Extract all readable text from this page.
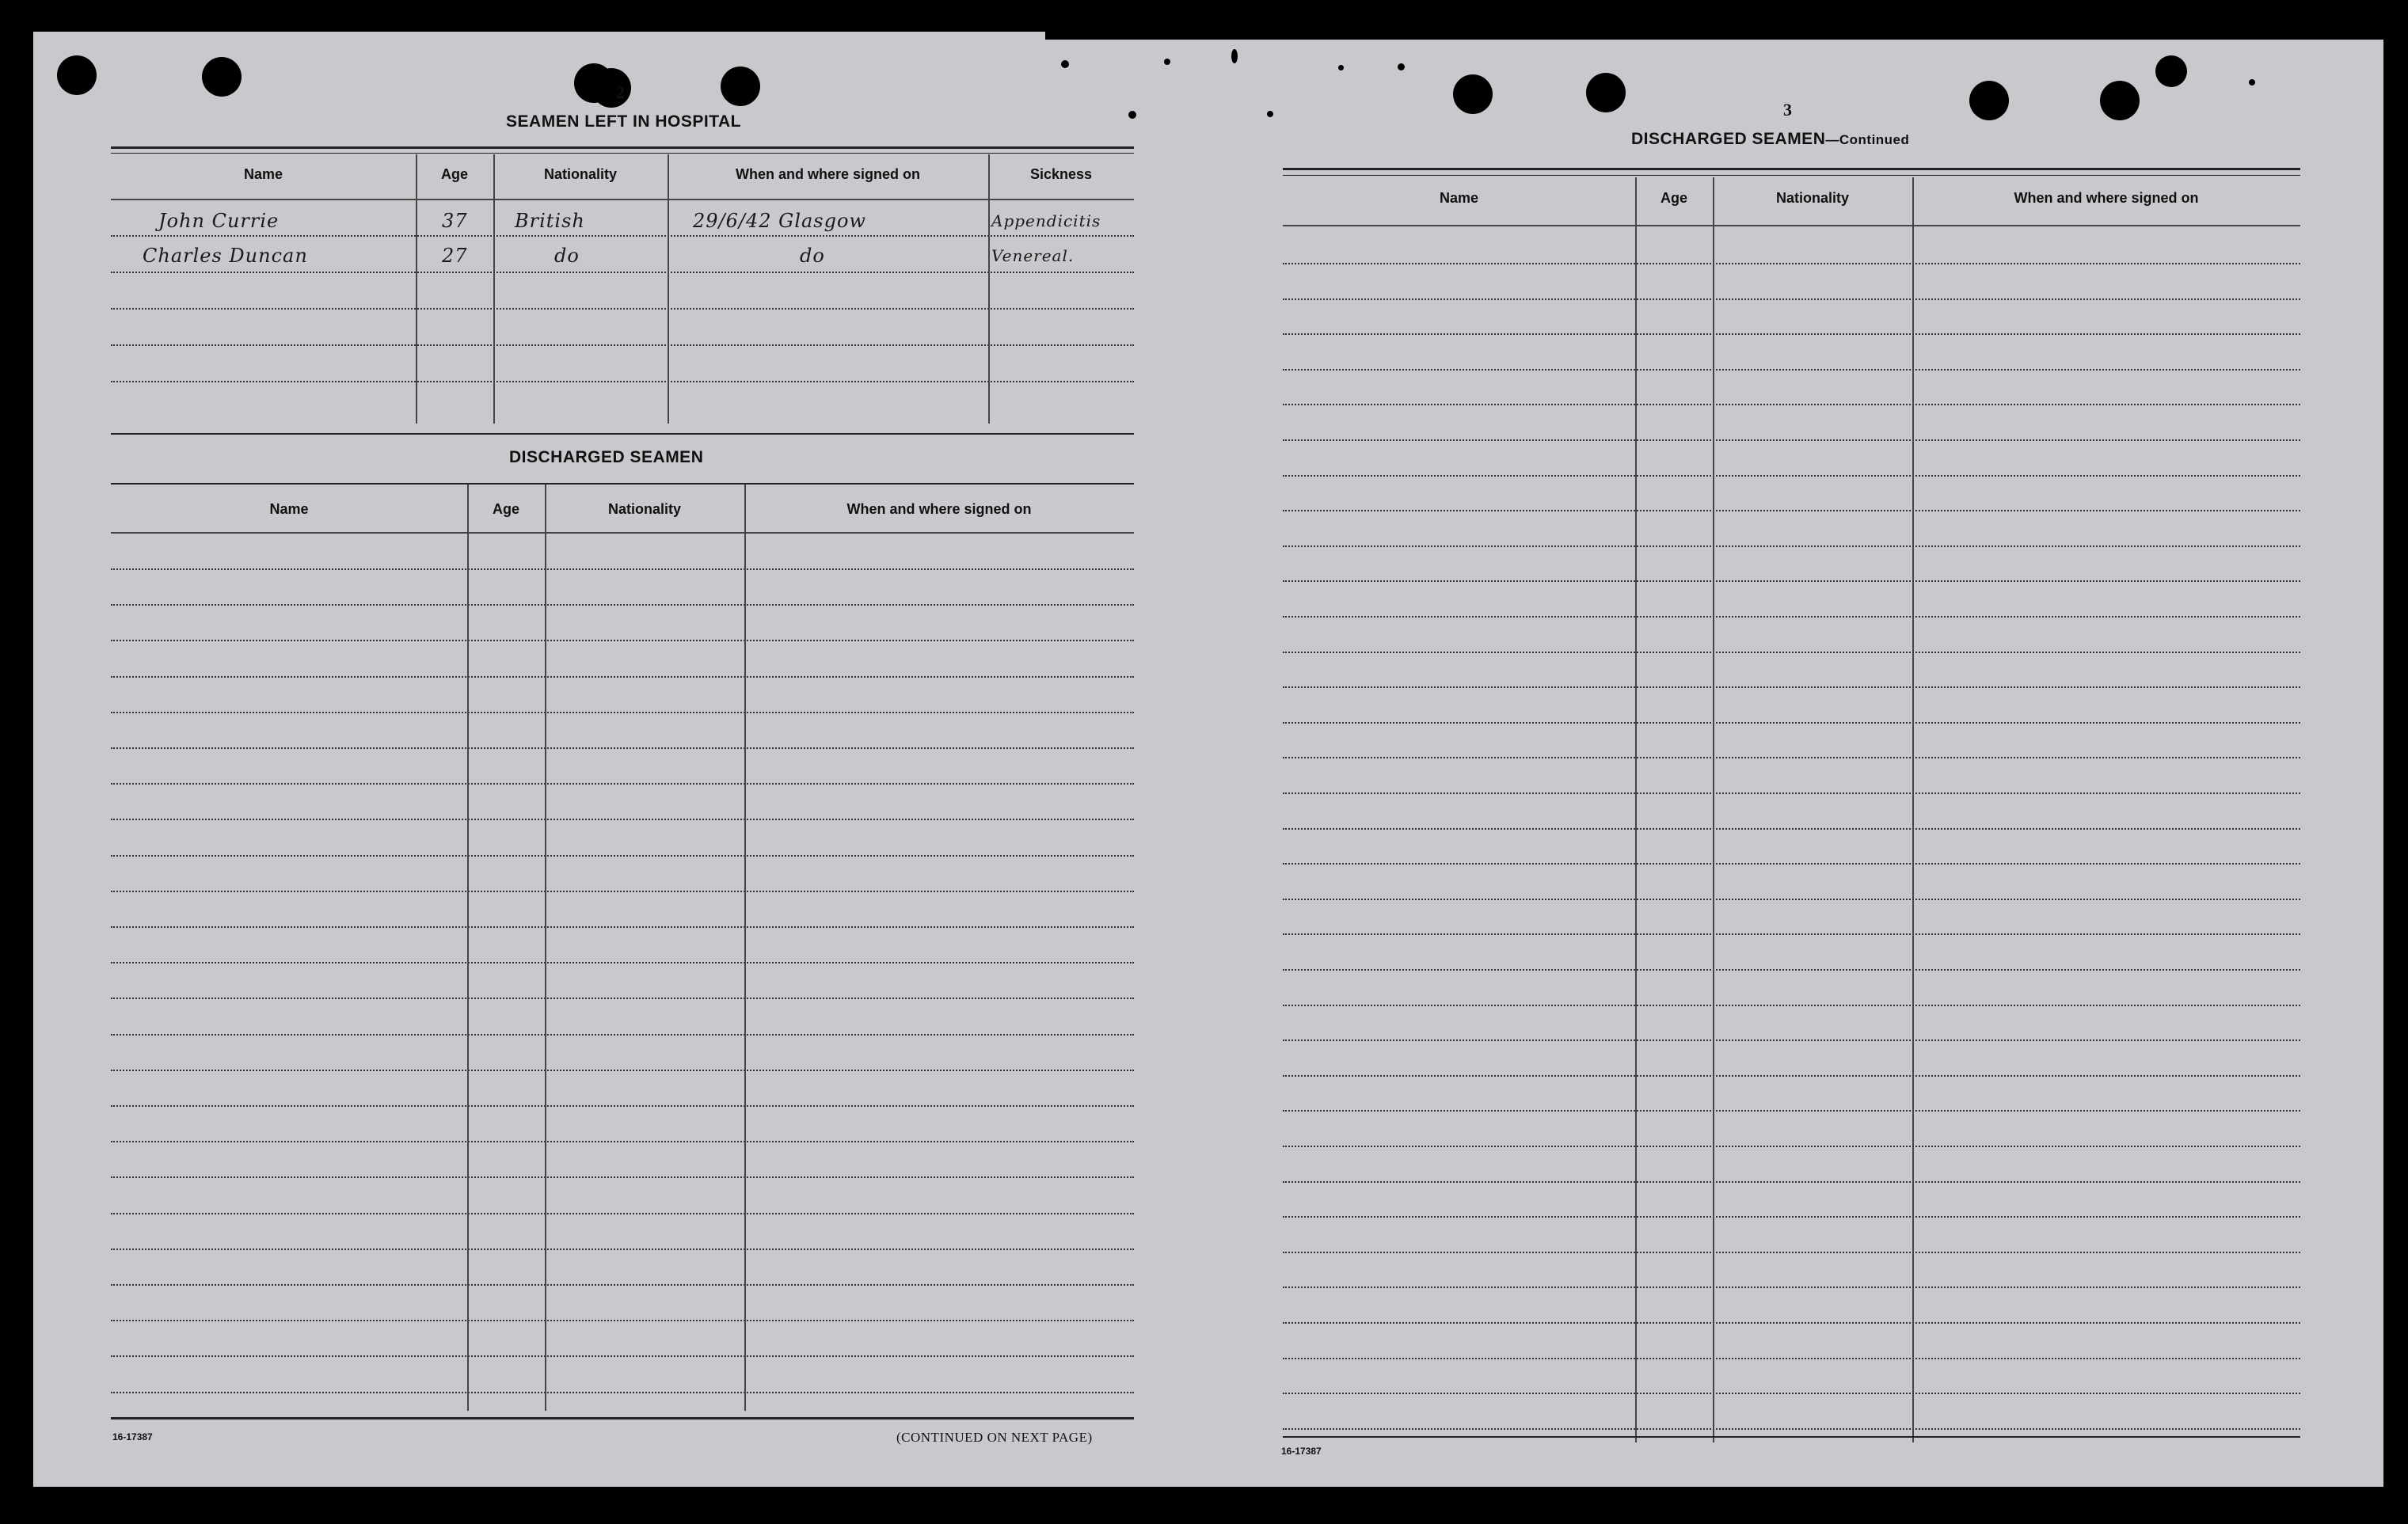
2
SEAMEN LEFT IN HOSPITAL
Name	Age	Nationality	When and where signed on	Sickness
John Currie	37 British	29/6/42 Glasgow	Appendicitis
Charles Duncan	27	do	do	Venereal.
DISCHARGED SEAMEN
Name	Age	Nationality	When and where signed on
16-17387	(CONTINUED ON NEXT PAGE)
3
DISCHARGED SEAMEN—Continued
Name	Age	Nationality	When and where signed on
16-17387
